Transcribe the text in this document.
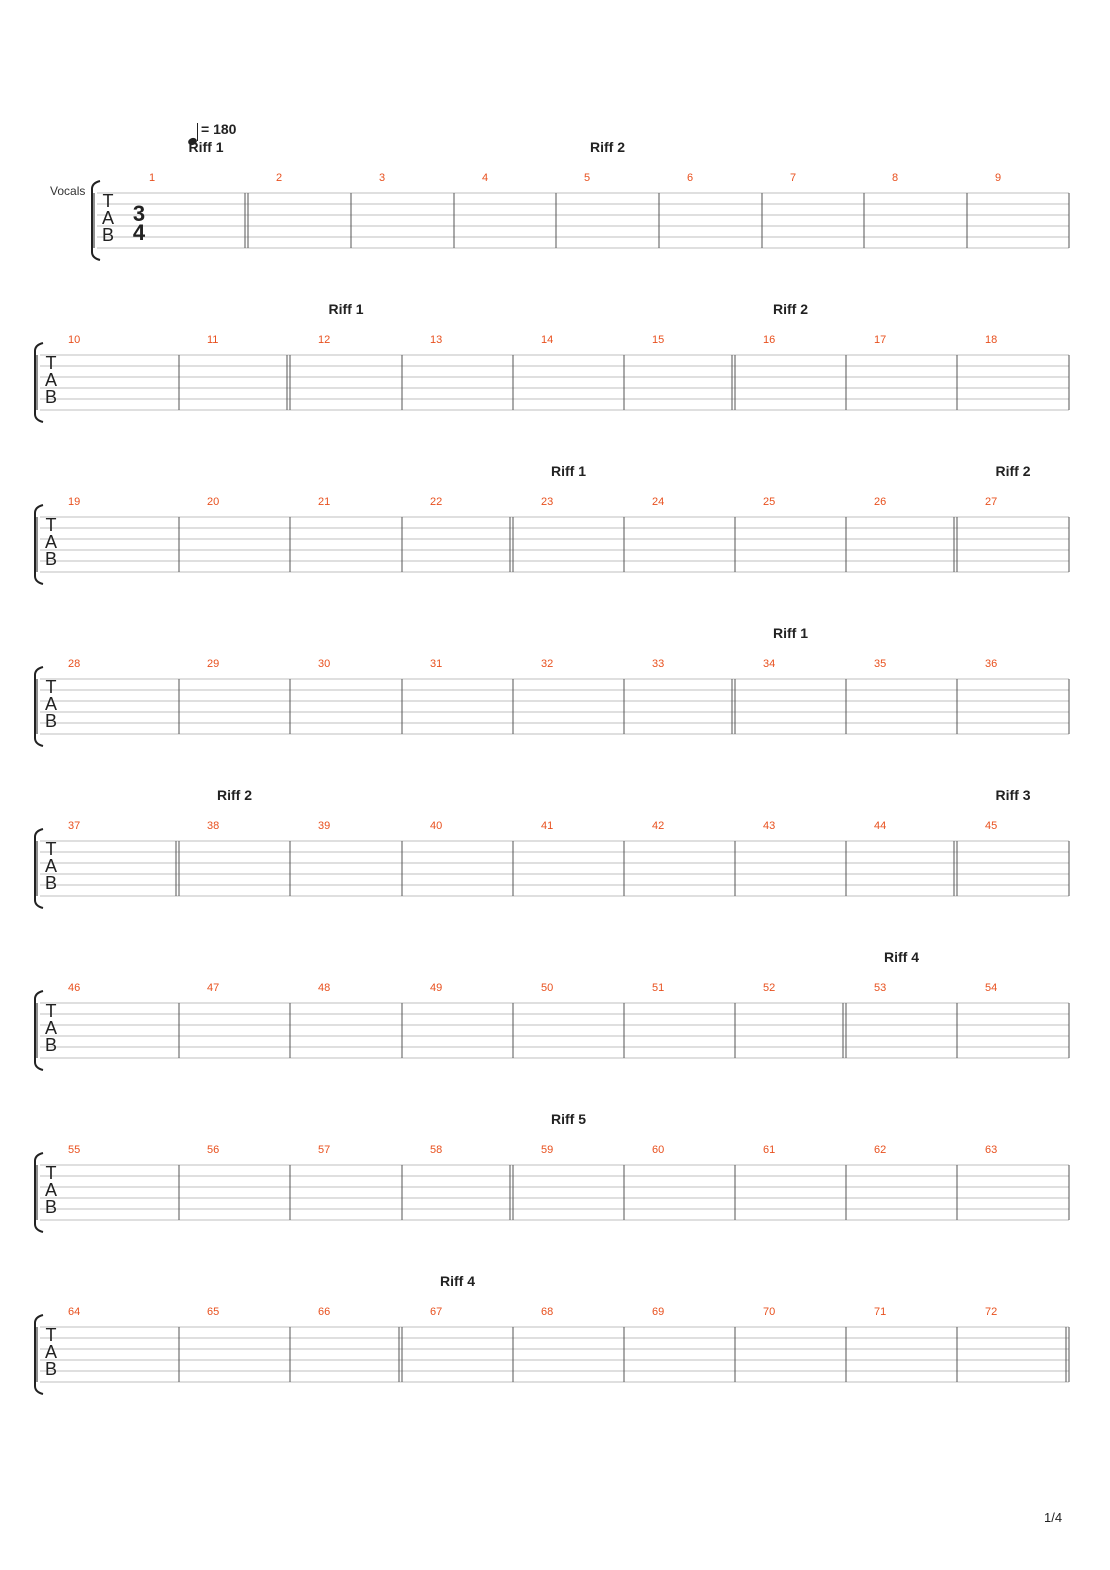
= 180
Vocals T
A
B
3
4
1	2	3	4	5	6	7	8	9
Riff 1	Riff 2
T
A
B
10	11	12	13	14	15	16	17	18
Riff 1	Riff 2
T
A
B
19	20	21	22	23	24	25	26	27
Riff 1	Riff 2
T
A
B
28	29	30	31	32	33	34	35	36
Riff 1
T
A
B
37	38	39	40	41	42	43	44	45
Riff 2	Riff 3
T
A
B
46	47	48	49	50	51	52	53	54
Riff 4
T
A
B
55	56	57	58	59	60	61	62	63
Riff 5
T
A
B
64	65	66	67	68	69	70	71	72
Riff 4
1/4
